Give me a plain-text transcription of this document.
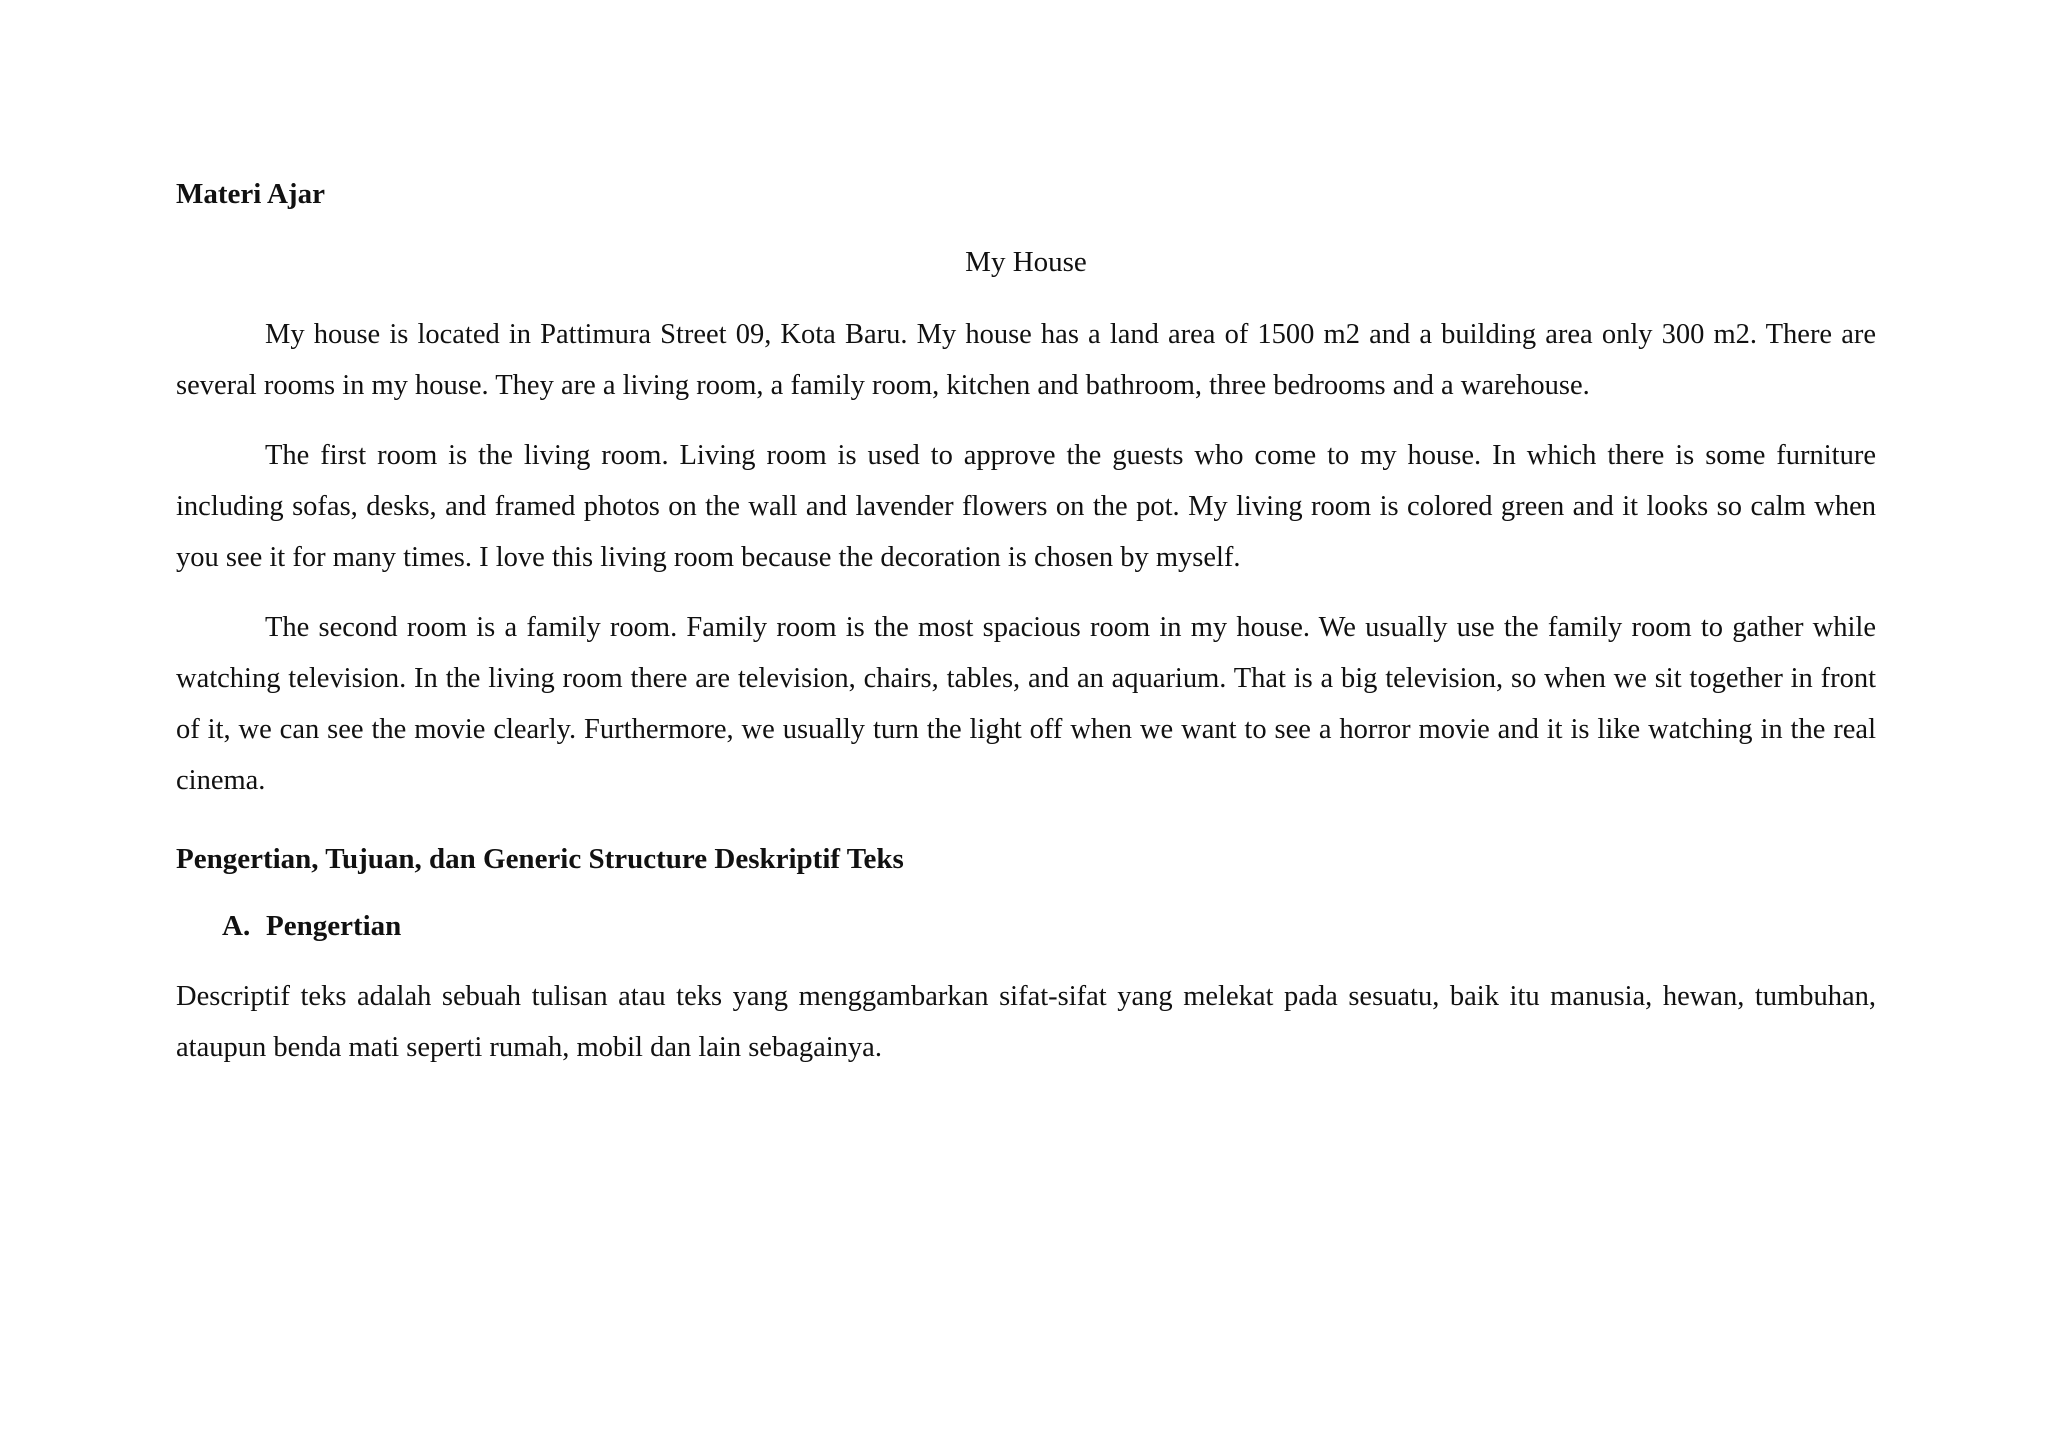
Materi Ajar

My House

My house is located in Pattimura Street 09, Kota Baru. My house has a land area of 1500 m2 and a building area only 300 m2. There are several rooms in my house. They are a living room, a family room, kitchen and bathroom, three bedrooms and a warehouse.

The first room is the living room. Living room is used to approve the guests who come to my house. In which there is some furniture including sofas, desks, and framed photos on the wall and lavender flowers on the pot. My living room is colored green and it looks so calm when you see it for many times. I love this living room because the decoration is chosen by myself.

The second room is a family room. Family room is the most spacious room in my house. We usually use the family room to gather while watching television. In the living room there are television, chairs, tables, and an aquarium. That is a big television, so when we sit together in front of it, we can see the movie clearly. Furthermore, we usually turn the light off when we want to see a horror movie and it is like watching in the real cinema.

Pengertian, Tujuan, dan Generic Structure Deskriptif Teks

A. Pengertian

Descriptif teks adalah sebuah tulisan atau teks yang menggambarkan sifat-sifat yang melekat pada sesuatu, baik itu manusia, hewan, tumbuhan, ataupun benda mati seperti rumah, mobil dan lain sebagainya.
